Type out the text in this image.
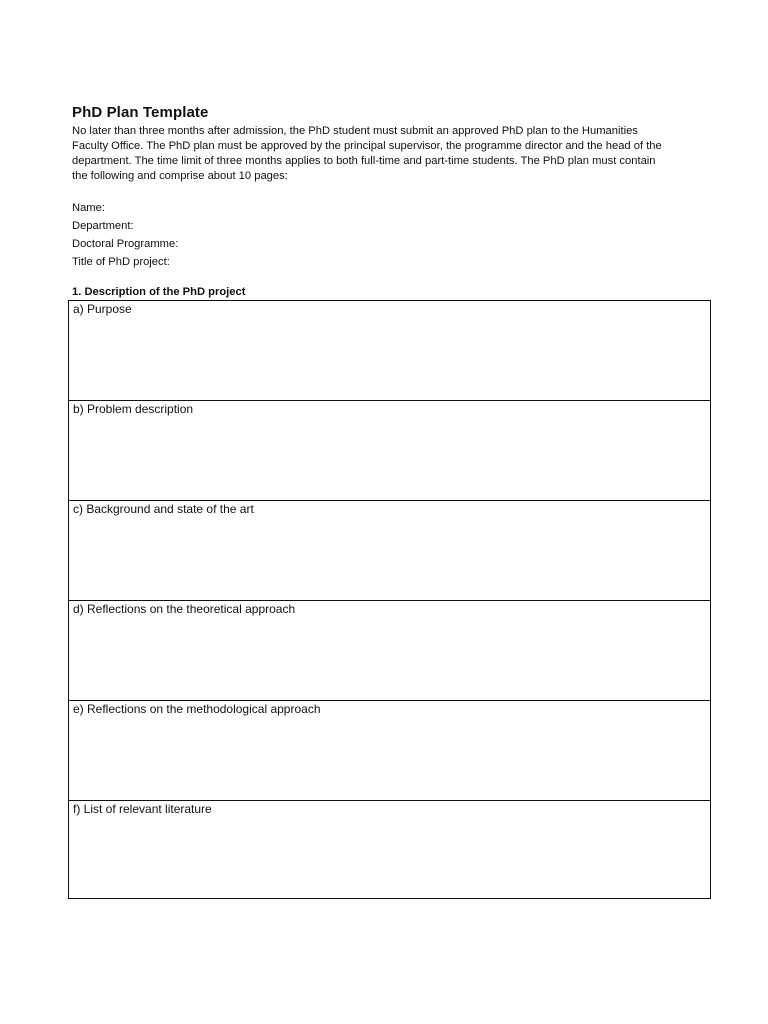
PhD Plan Template

No later than three months after admission, the PhD student must submit an approved PhD plan to the Humanities

Faculty Office. The PhD plan must be approved by the principal supervisor, the programme director and the head of the

department. The time limit of three months applies to both full-time and part-time students. The PhD plan must contain

the following and comprise about 10 pages:

Name:
Department:
Doctoral Programme:
Title of PhD project:
1. Description of the PhD project
a) Purpose
b) Problem description
c) Background and state of the art
d) Reflections on the theoretical approach
e) Reflections on the methodological approach
f) List of relevant literature
